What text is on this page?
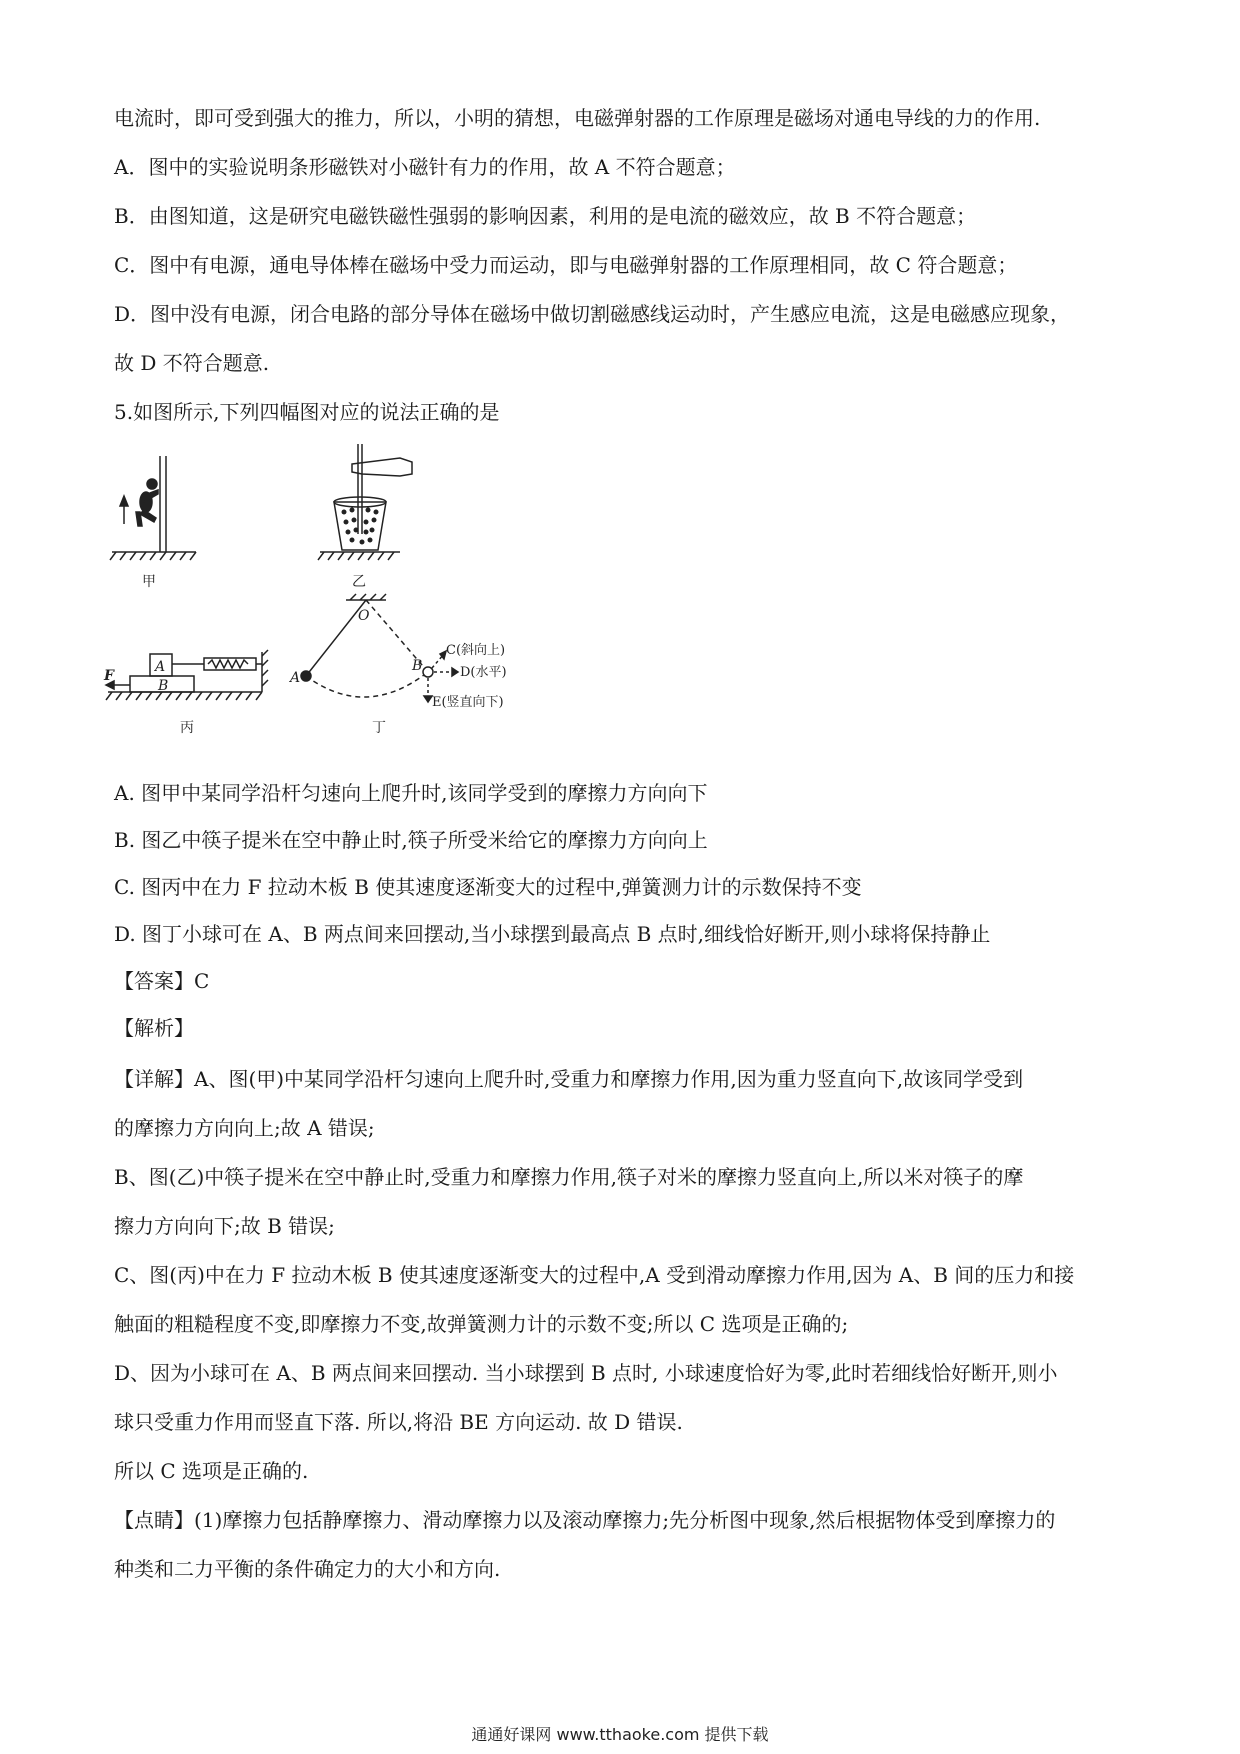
电流时，即可受到强大的推力，所以，小明的猜想，电磁弹射器的工作原理是磁场对通电导线的力的作用.
A．图中的实验说明条形磁铁对小磁针有力的作用，故 A 不符合题意；
B．由图知道，这是研究电磁铁磁性强弱的影响因素，利用的是电流的磁效应，故 B 不符合题意；
C．图中有电源，通电导体棒在磁场中受力而运动，即与电磁弹射器的工作原理相同，故 C 符合题意；
D．图中没有电源，闭合电路的部分导体在磁场中做切割磁感线运动时，产生感应电流，这是电磁感应现象，
故 D 不符合题意.
5.如图所示,下列四幅图对应的说法正确的是
甲	乙
丙	丁
F
A
B
O
A
B
C(斜向上)
D(水平)
E(竖直向下)
A. 图甲中某同学沿杆匀速向上爬升时,该同学受到的摩擦力方向向下
B. 图乙中筷子提米在空中静止时,筷子所受米给它的摩擦力方向向上
C. 图丙中在力 F 拉动木板 B 使其速度逐渐变大的过程中,弹簧测力计的示数保持不变
D. 图丁小球可在 A、B 两点间来回摆动,当小球摆到最高点 B 点时,细线恰好断开,则小球将保持静止
【答案】C
【解析】
【详解】A、图(甲)中某同学沿杆匀速向上爬升时,受重力和摩擦力作用,因为重力竖直向下,故该同学受到
的摩擦力方向向上;故 A 错误;
B、图(乙)中筷子提米在空中静止时,受重力和摩擦力作用,筷子对米的摩擦力竖直向上,所以米对筷子的摩
擦力方向向下;故 B 错误;
C、图(丙)中在力 F 拉动木板 B 使其速度逐渐变大的过程中,A 受到滑动摩擦力作用,因为 A、B 间的压力和接
触面的粗糙程度不变,即摩擦力不变,故弹簧测力计的示数不变;所以 C 选项是正确的;
D、因为小球可在 A、B 两点间来回摆动. 当小球摆到 B 点时, 小球速度恰好为零,此时若细线恰好断开,则小
球只受重力作用而竖直下落. 所以,将沿 BE 方向运动. 故 D 错误.
所以 C 选项是正确的.
【点睛】(1)摩擦力包括静摩擦力、滑动摩擦力以及滚动摩擦力;先分析图中现象,然后根据物体受到摩擦力的
种类和二力平衡的条件确定力的大小和方向.
通通好课网 www.tthaoke.com 提供下载
